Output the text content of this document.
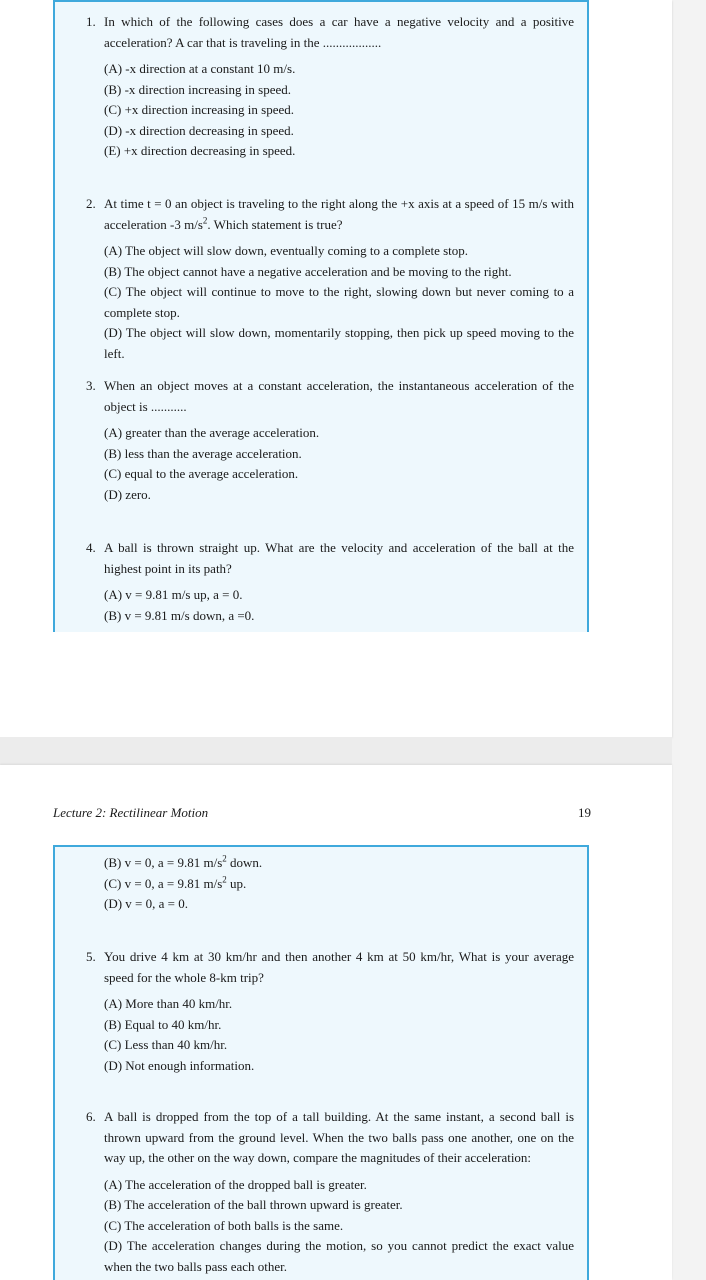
Lecture 2: Rectilinear Motion	19
1. In which of the following cases does a car have a negative velocity and a positive acceleration? A car that is traveling in the ..................
(A) -x direction at a constant 10 m/s.
(B) -x direction increasing in speed.
(C) +x direction increasing in speed.
(D) -x direction decreasing in speed.
(E) +x direction decreasing in speed.
2. At time t = 0 an object is traveling to the right along the +x axis at a speed of 15 m/s with acceleration -3 $m/s^2$. Which statement is true?
(A) The object will slow down, eventually coming to a complete stop.
(B) The object cannot have a negative acceleration and be moving to the right.
(C) The object will continue to move to the right, slowing down but never coming to a complete stop.
(D) The object will slow down, momentarily stopping, then pick up speed moving to the left.
3. When an object moves at a constant acceleration, the instantaneous acceleration of the object is ...........
(A) greater than the average acceleration.
(B) less than the average acceleration.
(C) equal to the average acceleration.
(D) zero.
4. A ball is thrown straight up. What are the velocity and acceleration of the ball at the highest point in its path?
(A) v = 9.81 m/s up, a = 0.
(B) v = 9.81 m/s down, a =0.
(B) v = 0, a = 9.81 $m/s^2$ down.
(C) v = 0, a = 9.81 $m/s^2$ up.
(D) v = 0, a = 0.
5. You drive 4 km at 30 km/hr and then another 4 km at 50 km/hr, What is your average speed for the whole 8-km trip?
(A) More than 40 km/hr.
(B) Equal to 40 km/hr.
(C) Less than 40 km/hr.
(D) Not enough information.
6. A ball is dropped from the top of a tall building. At the same instant, a second ball is thrown upward from the ground level. When the two balls pass one another, one on the way up, the other on the way down, compare the magnitudes of their acceleration:
(A) The acceleration of the dropped ball is greater.
(B) The acceleration of the ball thrown upward is greater.
(C) The acceleration of both balls is the same.
(D) The acceleration changes during the motion, so you cannot predict the exact value when the two balls pass each other.
